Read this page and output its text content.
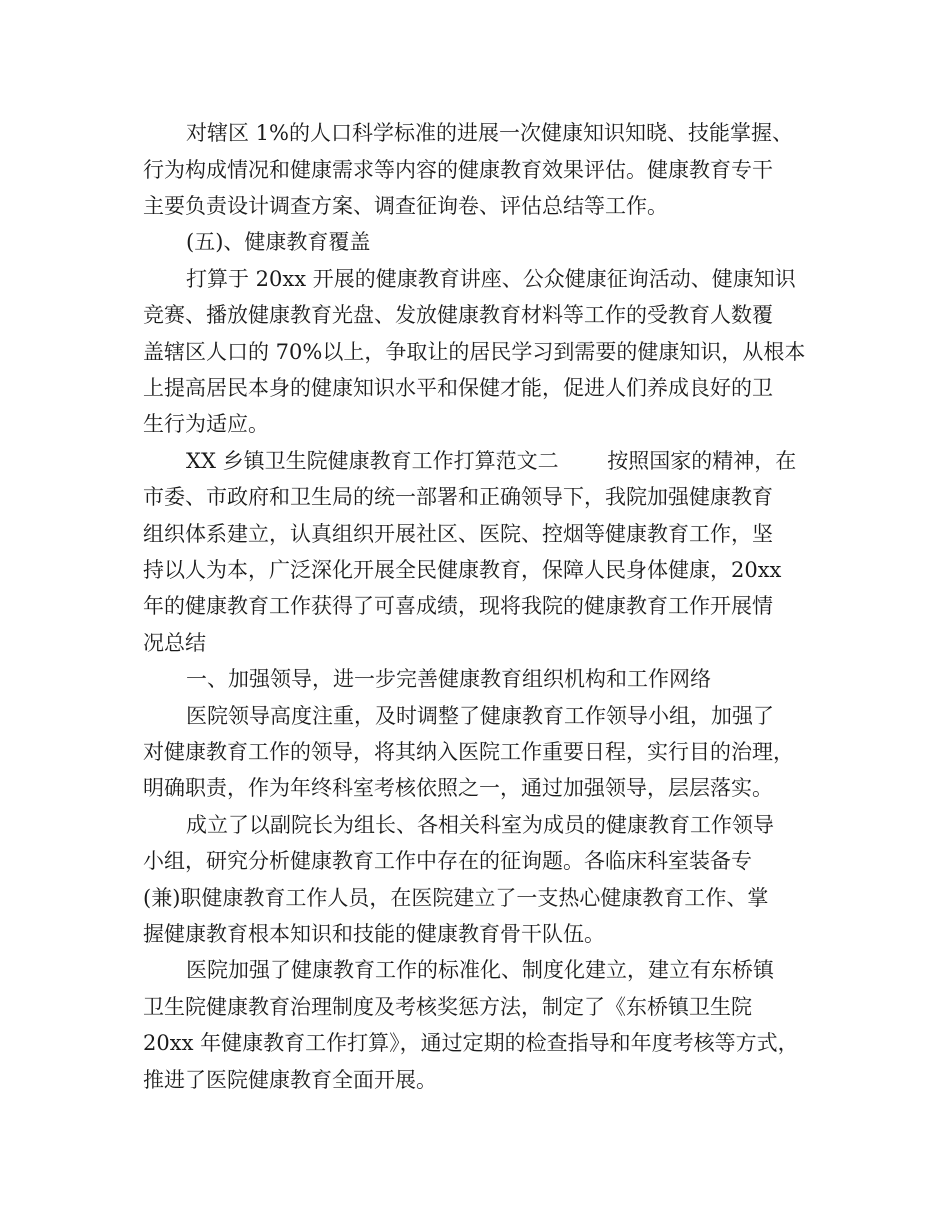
对辖区 1%的人口科学标准的进展一次健康知识知晓、技能掌握、
行为构成情况和健康需求等内容的健康教育效果评估。健康教育专干
主要负责设计调查方案、调查征询卷、评估总结等工作。
(五)、健康教育覆盖
打算于 20xx 开展的健康教育讲座、公众健康征询活动、健康知识
竞赛、播放健康教育光盘、发放健康教育材料等工作的受教育人数覆
盖辖区人口的 70%以上，争取让的居民学习到需要的健康知识，从根本
上提高居民本身的健康知识水平和保健才能，促进人们养成良好的卫
生行为适应。
XX 乡镇卫生院健康教育工作打算范文二　　 按照国家的精神，在
市委、市政府和卫生局的统一部署和正确领导下，我院加强健康教育
组织体系建立，认真组织开展社区、医院、控烟等健康教育工作，坚
持以人为本，广泛深化开展全民健康教育，保障人民身体健康，20xx
年的健康教育工作获得了可喜成绩，现将我院的健康教育工作开展情
况总结
一、加强领导，进一步完善健康教育组织机构和工作网络
医院领导高度注重，及时调整了健康教育工作领导小组，加强了
对健康教育工作的领导，将其纳入医院工作重要日程，实行目的治理，
明确职责，作为年终科室考核依照之一，通过加强领导，层层落实。
成立了以副院长为组长、各相关科室为成员的健康教育工作领导
小组，研究分析健康教育工作中存在的征询题。各临床科室装备专
(兼)职健康教育工作人员，在医院建立了一支热心健康教育工作、掌
握健康教育根本知识和技能的健康教育骨干队伍。
医院加强了健康教育工作的标准化、制度化建立，建立有东桥镇
卫生院健康教育治理制度及考核奖惩方法，制定了《东桥镇卫生院
20xx 年健康教育工作打算》，通过定期的检查指导和年度考核等方式，
推进了医院健康教育全面开展。
